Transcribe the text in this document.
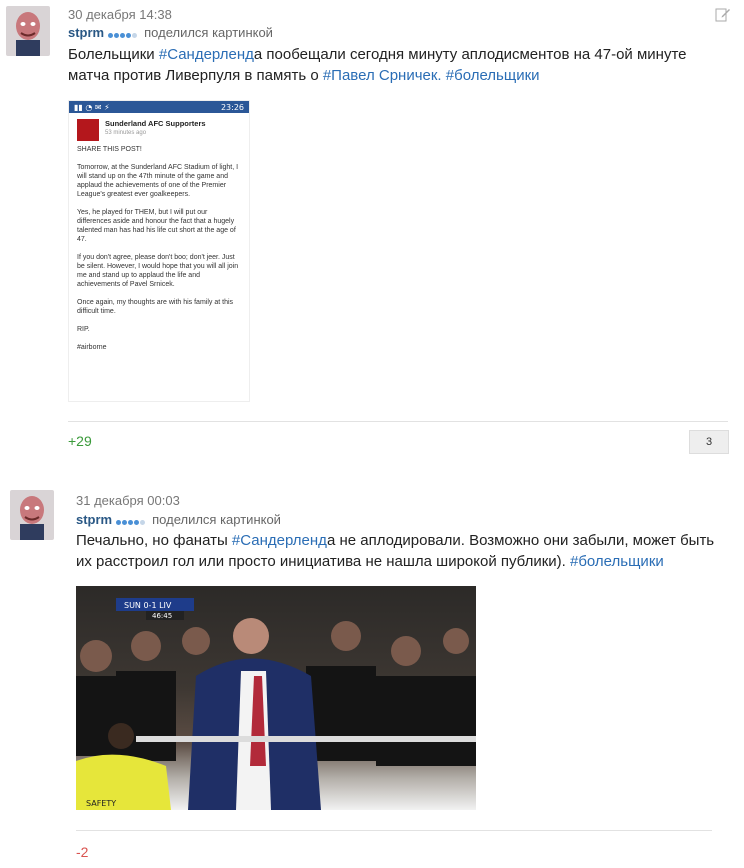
30 декабря 14:38
stprm	поделился картинкой
Болельщики #Сандерленда пообещали сегодня минуту аплодисментов на 47-ой минуте матча против Ливерпуля в память о #Павел Срничек. #болельщики
▮▮ ◔ ✉ ⚡	23:26
Sunderland AFC Supporters
53 minutes ago

SHARE THIS POST!

Tomorrow, at the Sunderland AFC Stadium of light, I will stand up on the 47th minute of the game and applaud the achievements of one of the Premier League's greatest ever goalkeepers.

Yes, he played for THEM, but I will put our differences aside and honour the fact that a hugely talented man has had his life cut short at the age of 47.

If you don't agree, please don't boo; don't jeer. Just be silent. However, I would hope that you will all join me and stand up to applaud the life and achievements of Pavel Srnicek.

Once again, my thoughts are with his family at this difficult time.

RIP.

#airborne

+29	3
31 декабря 00:03
stprm	поделился картинкой
Печально, но фанаты #Сандерленда не аплодировали. Возможно они забыли, может быть их расстроил гол или просто инициатива не нашла широкой публики). #болельщики
SUN 0-1 LIV
46:45
SAFETY
-2
